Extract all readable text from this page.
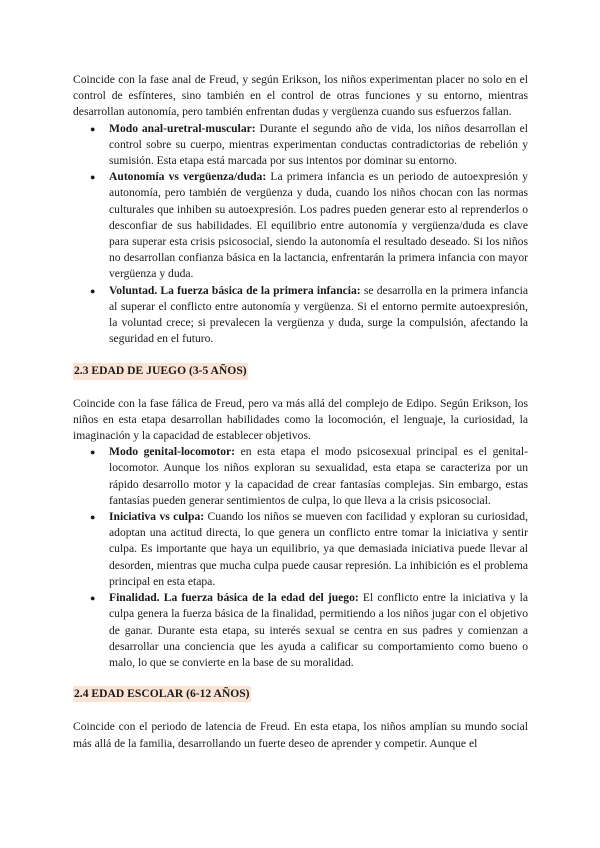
Coincide con la fase anal de Freud, y según Erikson, los niños experimentan placer no solo en el control de esfínteres, sino también en el control de otras funciones y su entorno, mientras desarrollan autonomía, pero también enfrentan dudas y vergüenza cuando sus esfuerzos fallan.

● Modo anal-uretral-muscular: Durante el segundo año de vida, los niños desarrollan el control sobre su cuerpo, mientras experimentan conductas contradictorias de rebelión y sumisión. Esta etapa está marcada por sus intentos por dominar su entorno.
● Autonomía vs vergüenza/duda: La primera infancia es un periodo de autoexpresión y autonomía, pero también de vergüenza y duda, cuando los niños chocan con las normas culturales que inhiben su autoexpresión. Los padres pueden generar esto al reprenderlos o desconfiar de sus habilidades. El equilibrio entre autonomía y vergüenza/duda es clave para superar esta crisis psicosocial, siendo la autonomía el resultado deseado. Si los niños no desarrollan confianza básica en la lactancia, enfrentarán la primera infancia con mayor vergüenza y duda.
● Voluntad. La fuerza básica de la primera infancia: se desarrolla en la primera infancia al superar el conflicto entre autonomía y vergüenza. Si el entorno permite autoexpresión, la voluntad crece; si prevalecen la vergüenza y duda, surge la compulsión, afectando la seguridad en el futuro.
2.3 EDAD DE JUEGO (3-5 AÑOS)

Coincide con la fase fálica de Freud, pero va más allá del complejo de Edipo. Según Erikson, los niños en esta etapa desarrollan habilidades como la locomoción, el lenguaje, la curiosidad, la imaginación y la capacidad de establecer objetivos.

● Modo genital-locomotor: en esta etapa el modo psicosexual principal es el genital-locomotor. Aunque los niños exploran su sexualidad, esta etapa se caracteriza por un rápido desarrollo motor y la capacidad de crear fantasías complejas. Sin embargo, estas fantasías pueden generar sentimientos de culpa, lo que lleva a la crisis psicosocial.
● Iniciativa vs culpa: Cuando los niños se mueven con facilidad y exploran su curiosidad, adoptan una actitud directa, lo que genera un conflicto entre tomar la iniciativa y sentir culpa. Es importante que haya un equilibrio, ya que demasiada iniciativa puede llevar al desorden, mientras que mucha culpa puede causar represión. La inhibición es el problema principal en esta etapa.
● Finalidad. La fuerza básica de la edad del juego: El conflicto entre la iniciativa y la culpa genera la fuerza básica de la finalidad, permitiendo a los niños jugar con el objetivo de ganar. Durante esta etapa, su interés sexual se centra en sus padres y comienzan a desarrollar una conciencia que les ayuda a calificar su comportamiento como bueno o malo, lo que se convierte en la base de su moralidad.
2.4 EDAD ESCOLAR (6-12 AÑOS)

Coincide con el periodo de latencia de Freud. En esta etapa, los niños amplían su mundo social más allá de la familia, desarrollando un fuerte deseo de aprender y competir. Aunque el
